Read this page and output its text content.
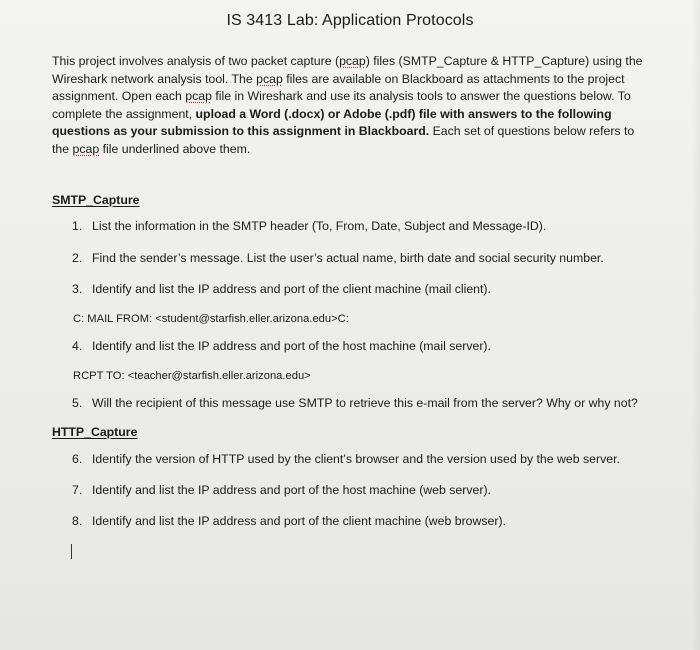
IS 3413 Lab: Application Protocols
This project involves analysis of two packet capture (pcap) files (SMTP_Capture & HTTP_Capture) using the Wireshark network analysis tool. The pcap files are available on Blackboard as attachments to the project assignment. Open each pcap file in Wireshark and use its analysis tools to answer the questions below. To complete the assignment, upload a Word (.docx) or Adobe (.pdf) file with answers to the following questions as your submission to this assignment in Blackboard. Each set of questions below refers to the pcap file underlined above them.
SMTP_Capture
1. List the information in the SMTP header (To, From, Date, Subject and Message-ID).
2. Find the sender’s message. List the user’s actual name, birth date and social security number.
3. Identify and list the IP address and port of the client machine (mail client).
C: MAIL FROM: <student@starfish.eller.arizona.edu>C:
4. Identify and list the IP address and port of the host machine (mail server).
RCPT TO: <teacher@starfish.eller.arizona.edu>
5. Will the recipient of this message use SMTP to retrieve this e-mail from the server? Why or why not?
HTTP_Capture
6. Identify the version of HTTP used by the client’s browser and the version used by the web server.
7. Identify and list the IP address and port of the host machine (web server).
8. Identify and list the IP address and port of the client machine (web browser).
